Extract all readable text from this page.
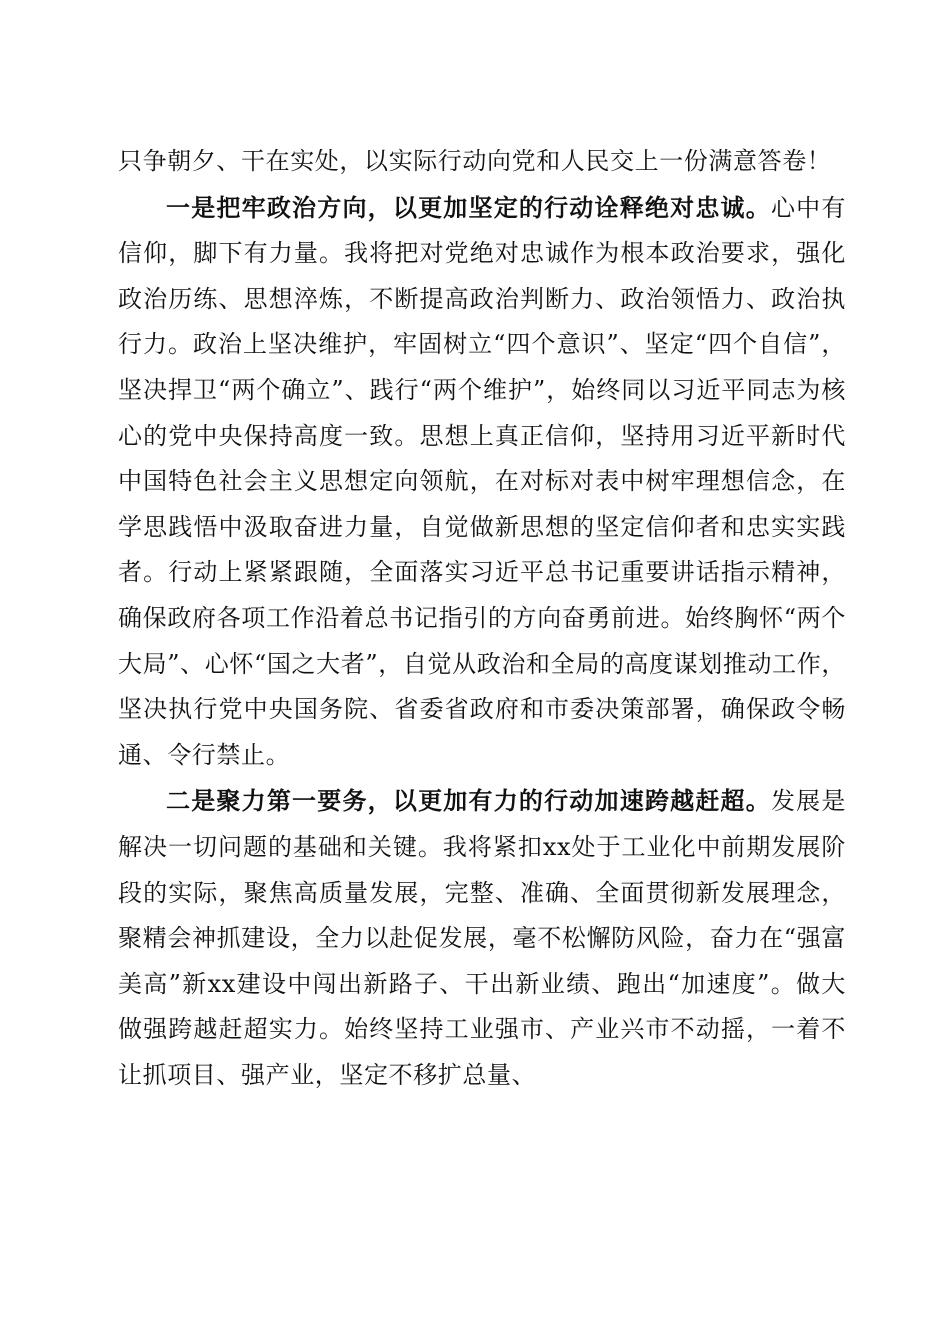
只争朝夕、干在实处，以实际行动向党和人民交上一份满意答卷！

一是把牢政治方向，以更加坚定的行动诠释绝对忠诚。心中有信仰，脚下有力量。我将把对党绝对忠诚作为根本政治要求，强化政治历练、思想淬炼，不断提高政治判断力、政治领悟力、政治执行力。政治上坚决维护，牢固树立“四个意识”、坚定“四个自信”，坚决捍卫“两个确立”、践行“两个维护”，始终同以习近平同志为核心的党中央保持高度一致。思想上真正信仰，坚持用习近平新时代中国特色社会主义思想定向领航，在对标对表中树牢理想信念，在学思践悟中汲取奋进力量，自觉做新思想的坚定信仰者和忠实实践者。行动上紧紧跟随，全面落实习近平总书记重要讲话指示精神，确保政府各项工作沿着总书记指引的方向奋勇前进。始终胸怀“两个大局”、心怀“国之大者”，自觉从政治和全局的高度谋划推动工作，坚决执行党中央国务院、省委省政府和市委决策部署，确保政令畅通、令行禁止。

二是聚力第一要务，以更加有力的行动加速跨越赶超。发展是解决一切问题的基础和关键。我将紧扣xx处于工业化中前期发展阶段的实际，聚焦高质量发展，完整、准确、全面贯彻新发展理念，聚精会神抓建设，全力以赴促发展，毫不松懈防风险，奋力在“强富美高”新xx建设中闯出新路子、干出新业绩、跑出“加速度”。做大做强跨越赶超实力。始终坚持工业强市、产业兴市不动摇，一着不让抓项目、强产业，坚定不移扩总量、
